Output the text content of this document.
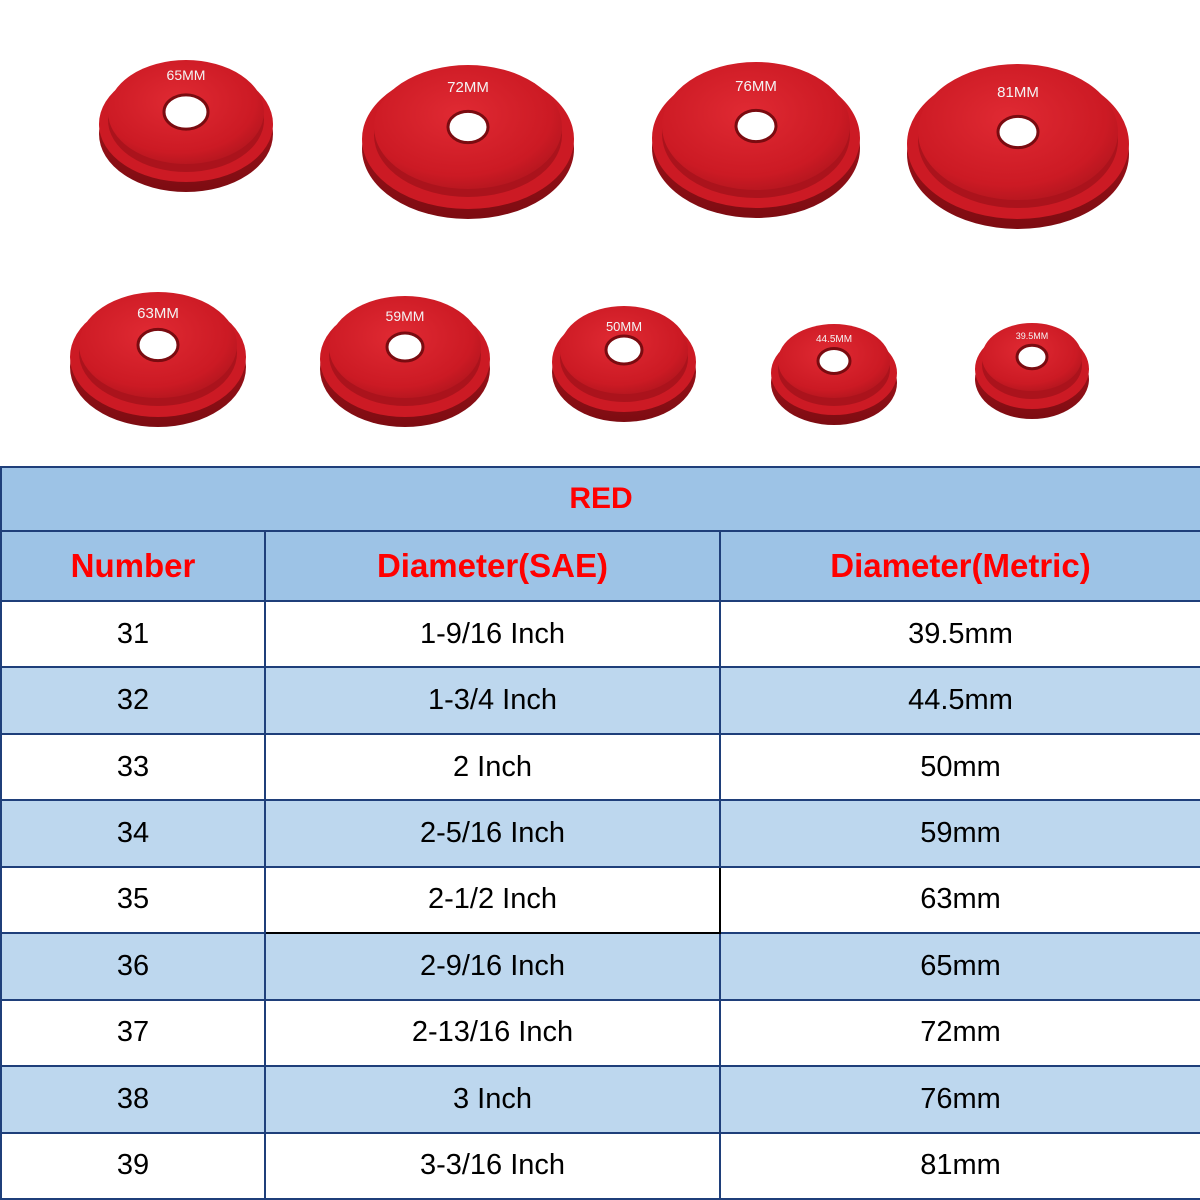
65MM
72MM	76MM	81MM
63MM	59MM
50MM
44.5MM	39.5MM
RED		
Number	Diameter(SAE)	Diameter(Metric)
31	1-9/16 Inch	39.5mm
32	1-3/4 Inch	44.5mm
33	2 Inch	50mm
34	2-5/16 Inch	59mm
35	2-1/2 Inch	63mm
36	2-9/16 Inch	65mm
37	2-13/16 Inch	72mm
38	3 Inch	76mm
39	3-3/16 Inch	81mm
